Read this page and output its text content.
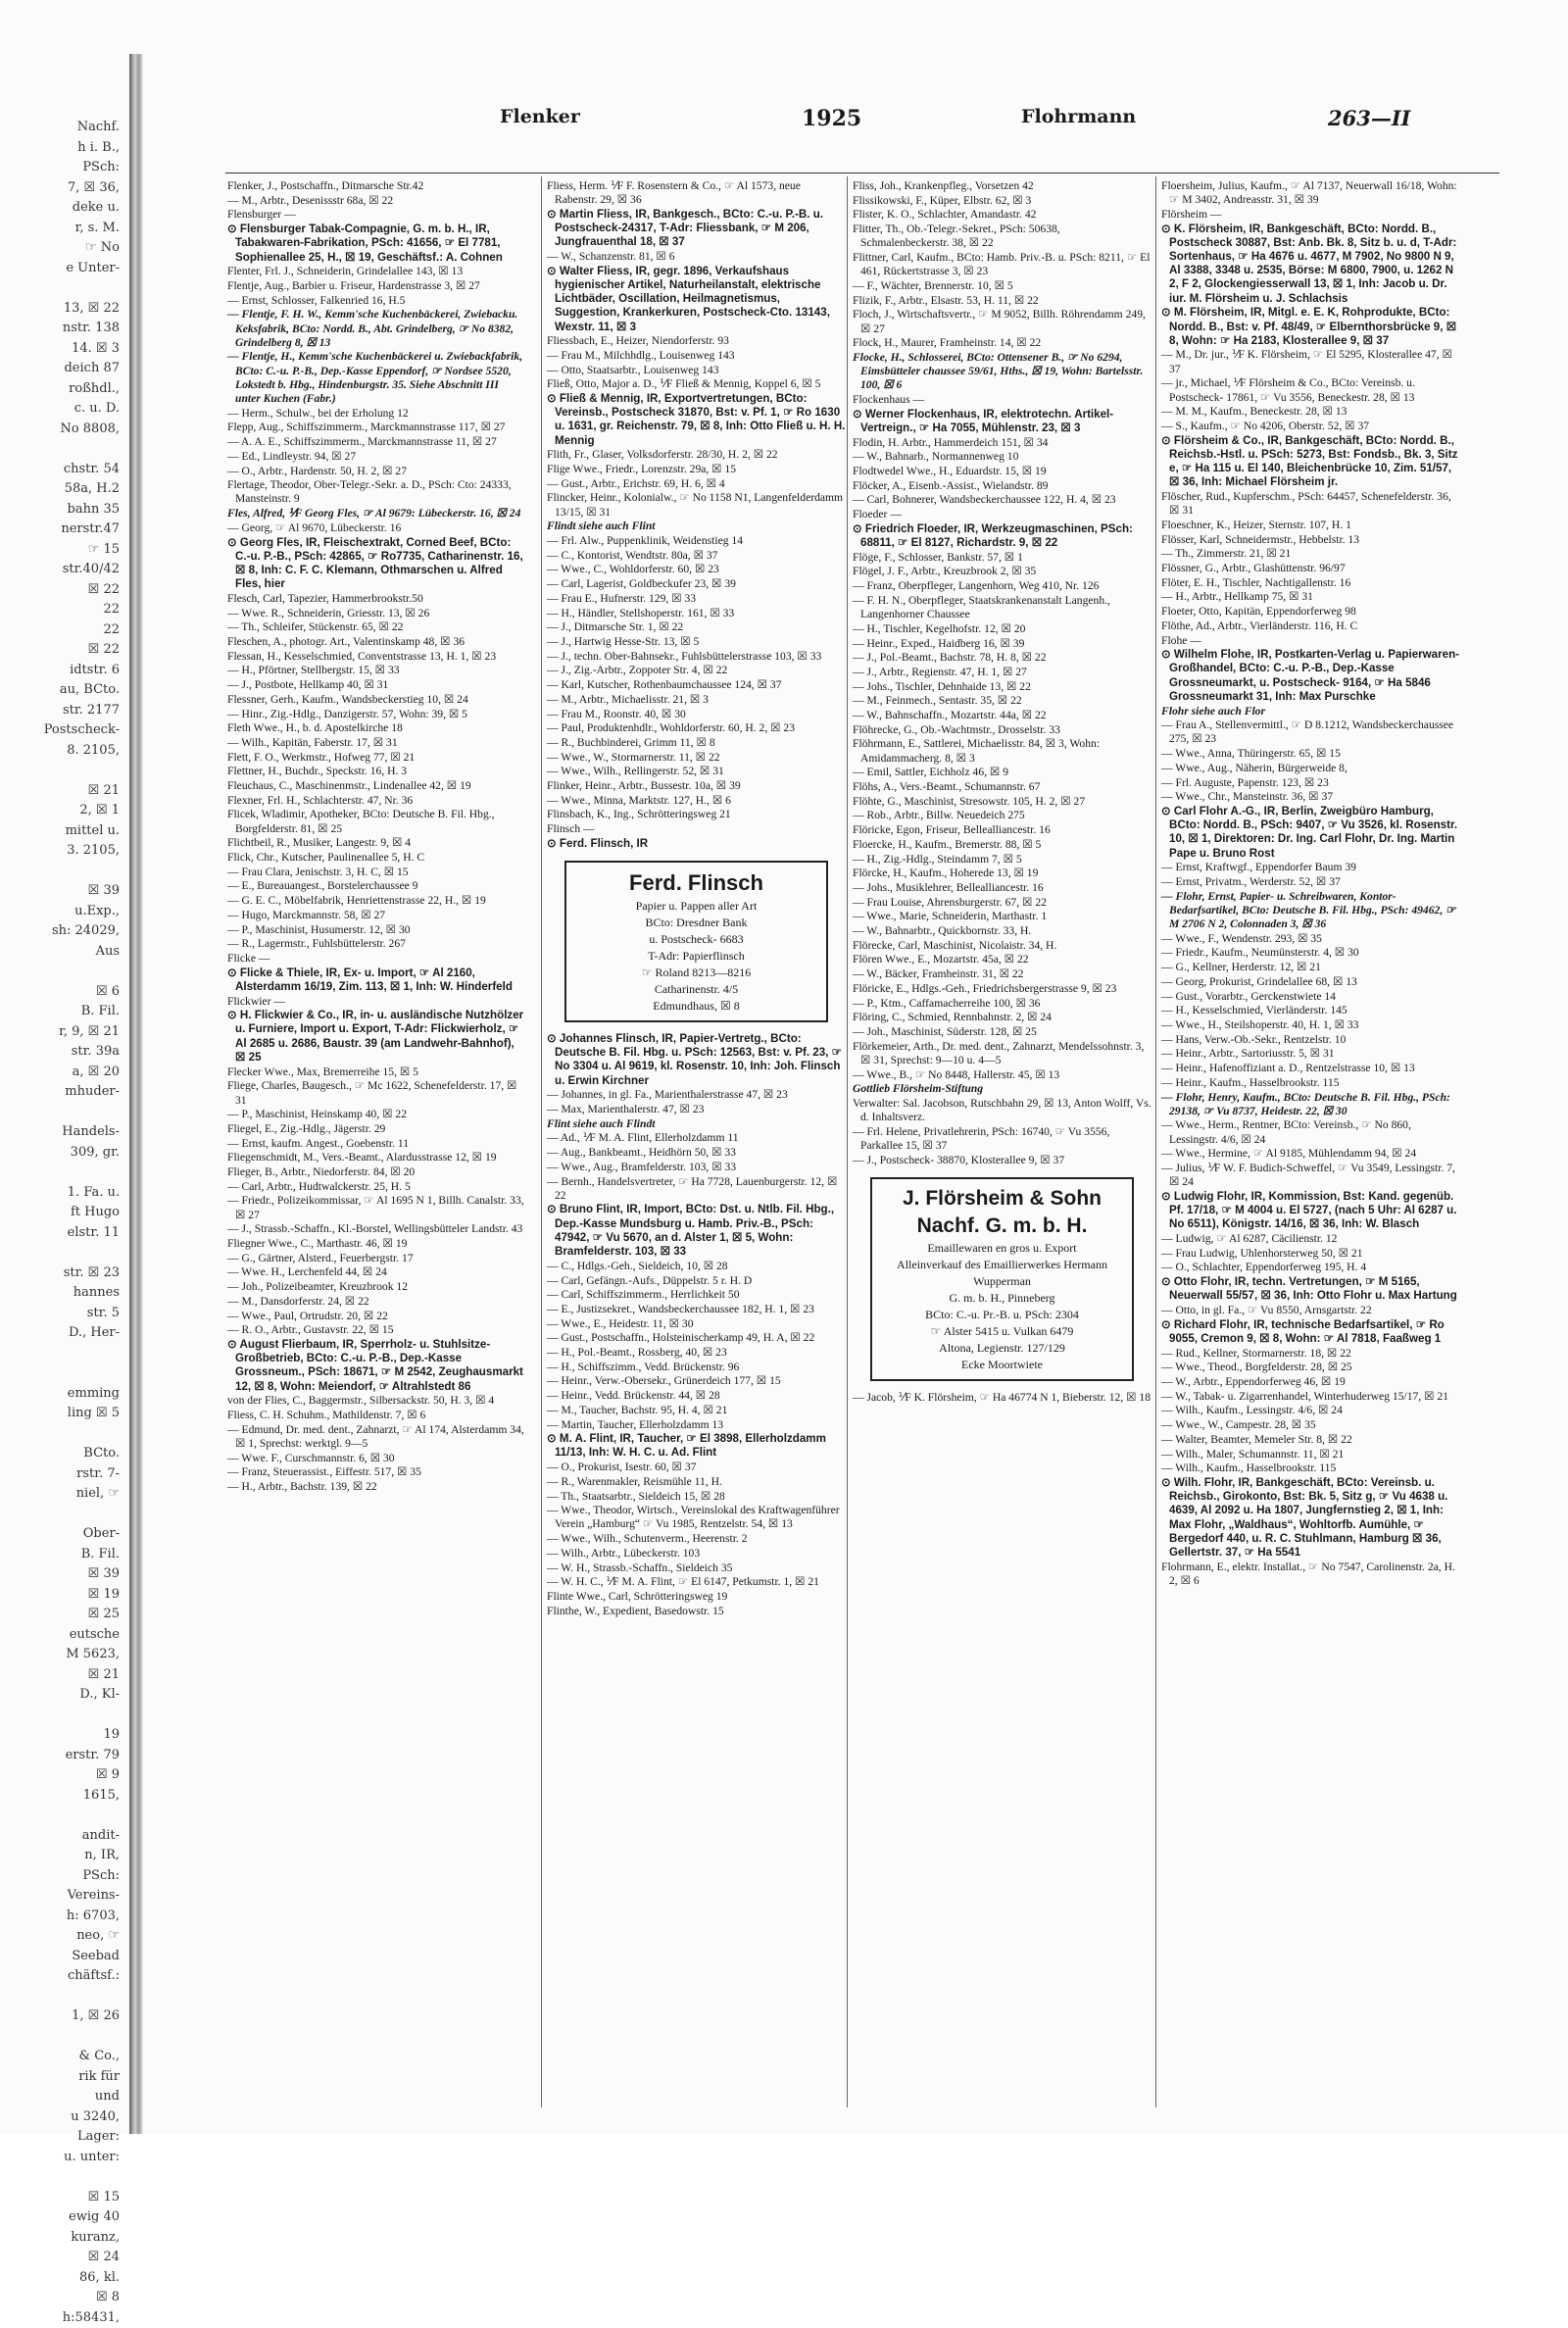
Nachf.
h i. B.,
PSch:
7, ☒ 36,
deke u.
r, s. M.
☞ No
e Unter-

13, ☒ 22
nstr. 138
14. ☒ 3
deich 87
roßhdl.,
c. u. D.
No 8808,

chstr. 54
58a, H.2
bahn 35
nerstr.47
☞ 15
str.40/42
☒ 22
22
22
☒ 22
idtstr. 6
au, BCto.
str. 2177
Postscheck-
8. 2105,

☒ 21
2, ☒ 1
mittel u.
3. 2105,

☒ 39
u.Exp.,
sh: 24029,
Aus

☒ 6
B. Fil.
r, 9, ☒ 21
str. 39a
a, ☒ 20
mhuder-

Handels-
309, gr.

1. Fa. u.
ft Hugo
elstr. 11

str. ☒ 23
hannes
str. 5
D., Her-

emming
ling ☒ 5

BCto.
rstr. 7-
niel, ☞

Ober-
B. Fil.
☒ 39
☒ 19
☒ 25
eutsche
M 5623,
☒ 21
D., Kl-

19
erstr. 79
☒ 9
1615,

andit-
n, IR,
PSch:
Vereins-
h: 6703,
neo, ☞
Seebad
chäftsf.:

1, ☒ 26

& Co.,
rik für
und
u 3240,
Lager:
u. unter:

☒ 15
ewig 40
kuranz,
☒ 24
86, kl.
☒ 8
h:58431,
Flenker	1925	Flohrmann	263—II
Flenker, J., Postschaffn., Ditmarsche Str.42
— M., Arbtr., Desenissstr 68a, ☒ 22
Flensburger —
⊙ Flensburger Tabak-Compagnie, G. m. b. H., IR, Tabakwaren-Fabrikation, PSch: 41656, ☞ El 7781, Sophienallee 25, H., ☒ 19, Geschäftsf.: A. Cohnen
Flenter, Frl. J., Schneiderin, Grindelallee 143, ☒ 13
Flentje, Aug., Barbier u. Friseur, Hardenstrasse 3, ☒ 27
— Ernst, Schlosser, Falkenried 16, H.5
— Flentje, F. H. W., Kemm'sche Kuchenbäckerei, Zwiebacku. Keksfabrik, BCto: Nordd. B., Abt. Grindelberg, ☞ No 8382, Grindelberg 8, ☒ 13
— Flentje, H., Kemm'sche Kuchenbäckerei u. Zwiebackfabrik, BCto: C.-u. P.-B., Dep.-Kasse Eppendorf, ☞ Nordsee 5520, Lokstedt b. Hbg., Hindenburgstr. 35. Siehe Abschnitt III unter Kuchen (Fabr.)
— Herm., Schulw., bei der Erholung 12
Flepp, Aug., Schiffszimmerm., Marckmannstrasse 117, ☒ 27
— A. A. E., Schiffszimmerm., Marckmannstrasse 11, ☒ 27
— Ed., Lindleystr. 94, ☒ 27
— O., Arbtr., Hardenstr. 50, H. 2, ☒ 27
Flertage, Theodor, Ober-Telegr.-Sekr. a. D., PSch: Cto: 24333, Mansteinstr. 9
Fles, Alfred, ⅟F Georg Fles, ☞ Al 9679: Lübeckerstr. 16, ☒ 24
— Georg, ☞ Al 9670, Lübeckerstr. 16
⊙ Georg Fles, IR, Fleischextrakt, Corned Beef, BCto: C.-u. P.-B., PSch: 42865, ☞ Ro7735, Catharinenstr. 16, ☒ 8, Inh: C. F. C. Klemann, Othmarschen u. Alfred Fles, hier
Flesch, Carl, Tapezier, Hammerbrookstr.50
— Wwe. R., Schneiderin, Griesstr. 13, ☒ 26
— Th., Schleifer, Stückenstr. 65, ☒ 22
Fleschen, A., photogr. Art., Valentinskamp 48, ☒ 36
Flessan, H., Kesselschmied, Conventstrasse 13, H. 1, ☒ 23
— H., Pförtner, Stellbergstr. 15, ☒ 33
— J., Postbote, Hellkamp 40, ☒ 31
Flessner, Gerh., Kaufm., Wandsbeckerstieg 10, ☒ 24
— Hinr., Zig.-Hdlg., Danzigerstr. 57, Wohn: 39, ☒ 5
Fleth Wwe., H., b. d. Apostelkirche 18
— Wilh., Kapitän, Faberstr. 17, ☒ 31
Flett, F. O., Werkmstr., Hofweg 77, ☒ 21
Flettner, H., Buchdr., Speckstr. 16, H. 3
Fleuchaus, C., Maschinenmstr., Lindenallee 42, ☒ 19
Flexner, Frl. H., Schlachterstr. 47, Nr. 36
Flicek, Wladimir, Apotheker, BCto: Deutsche B. Fil. Hbg., Borgfelderstr. 81, ☒ 25
Flichtbeil, R., Musiker, Langestr. 9, ☒ 4
Flick, Chr., Kutscher, Paulinenallee 5, H. C
— Frau Clara, Jenischstr. 3, H. C, ☒ 15
— E., Bureauangest., Borstelerchaussee 9
— G. E. C., Möbelfabrik, Henriettenstrasse 22, H., ☒ 19
— Hugo, Marckmannstr. 58, ☒ 27
— P., Maschinist, Husumerstr. 12, ☒ 30
— R., Lagermstr., Fuhlsbüttelerstr. 267
Flicke —
⊙ Flicke & Thiele, IR, Ex- u. Import, ☞ Al 2160, Alsterdamm 16/19, Zim. 113, ☒ 1, Inh: W. Hinderfeld
Flickwier —
⊙ H. Flickwier & Co., IR, in- u. ausländische Nutzhölzer u. Furniere, Import u. Export, T-Adr: Flickwierholz, ☞ Al 2685 u. 2686, Baustr. 39 (am Landwehr-Bahnhof), ☒ 25
Flecker Wwe., Max, Bremerreihe 15, ☒ 5
Fliege, Charles, Baugesch., ☞ Mc 1622, Schenefelderstr. 17, ☒ 31
— P., Maschinist, Heinskamp 40, ☒ 22
Fliegel, E., Zig.-Hdlg., Jägerstr. 29
— Ernst, kaufm. Angest., Goebenstr. 11
Fliegenschmidt, M., Vers.-Beamt., Alardusstrasse 12, ☒ 19
Flieger, B., Arbtr., Niedorferstr. 84, ☒ 20
— Carl, Arbtr., Hudtwalckerstr. 25, H. 5
— Friedr., Polizeikommissar, ☞ Al 1695 N 1, Billh. Canalstr. 33, ☒ 27
— J., Strassb.-Schaffn., Kl.-Borstel, Wellingsbütteler Landstr. 43
Fliegner Wwe., C., Marthastr. 46, ☒ 19
— G., Gärtner, Alsterd., Feuerbergstr. 17
— Wwe. H., Lerchenfeld 44, ☒ 24
— Joh., Polizeibeamter, Kreuzbrook 12
— M., Dansdorferstr. 24, ☒ 22
— Wwe., Paul, Ortrudstr. 20, ☒ 22
— R. O., Arbtr., Gustavstr. 22, ☒ 15
⊙ August Flierbaum, IR, Sperrholz- u. Stuhlsitze-Großbetrieb, BCto: C.-u. P.-B., Dep.-Kasse Grossneum., PSch: 18671, ☞ M 2542, Zeughausmarkt 12, ☒ 8, Wohn: Meiendorf, ☞ Altrahlstedt 86
von der Flies, C., Baggermstr., Silbersackstr. 50, H. 3, ☒ 4
Fliess, C. H. Schuhm., Mathildenstr. 7, ☒ 6
— Edmund, Dr. med. dent., Zahnarzt, ☞ Al 174, Alsterdamm 34, ☒ 1, Sprechst: werktgl. 9—5
— Wwe. F., Curschmannstr. 6, ☒ 30
— Franz, Steuerassist., Eiffestr. 517, ☒ 35
— H., Arbtr., Bachstr. 139, ☒ 22
Fliess, Herm. ⅟F F. Rosenstern & Co., ☞ Al 1573, neue Rabenstr. 29, ☒ 36
⊙ Martin Fliess, IR, Bankgesch., BCto: C.-u. P.-B. u. Postscheck-24317, T-Adr: Fliessbank, ☞ M 206, Jungfrauenthal 18, ☒ 37
— W., Schanzenstr. 81, ☒ 6
⊙ Walter Fliess, IR, gegr. 1896, Verkaufshaus hygienischer Artikel, Naturheilanstalt, elektrische Lichtbäder, Oscillation, Heilmagnetismus, Suggestion, Krankerkuren, Postscheck-Cto. 13143, Wexstr. 11, ☒ 3
Fliessbach, E., Heizer, Niendorferstr. 93
— Frau M., Milchhdlg., Louisenweg 143
— Otto, Staatsarbtr., Louisenweg 143
Fließ, Otto, Major a. D., ⅟F Fließ & Mennig, Koppel 6, ☒ 5
⊙ Fließ & Mennig, IR, Exportvertretungen, BCto: Vereinsb., Postscheck 31870, Bst: v. Pf. 1, ☞ Ro 1630 u. 1631, gr. Reichenstr. 79, ☒ 8, Inh: Otto Fließ u. H. H. Mennig
Flith, Fr., Glaser, Volksdorferstr. 28/30, H. 2, ☒ 22
Flige Wwe., Friedr., Lorenzstr. 29a, ☒ 15
— Gust., Arbtr., Erichstr. 69, H. 6, ☒ 4
Flincker, Heinr., Kolonialw., ☞ No 1158 N1, Langenfelderdamm 13/15, ☒ 31
Flindt siehe auch Flint
— Frl. Alw., Puppenklinik, Weidenstieg 14
— C., Kontorist, Wendtstr. 80a, ☒ 37
— Wwe., C., Wohldorferstr. 60, ☒ 23
— Carl, Lagerist, Goldbeckufer 23, ☒ 39
— Frau E., Hufnerstr. 129, ☒ 33
— H., Händler, Stellshoperstr. 161, ☒ 33
— J., Ditmarsche Str. 1, ☒ 22
— J., Hartwig Hesse-Str. 13, ☒ 5
— J., techn. Ober-Bahnsekr., Fuhlsbüttelerstrasse 103, ☒ 33
— J., Zig.-Arbtr., Zoppoter Str. 4, ☒ 22
— Karl, Kutscher, Rothenbaumchaussee 124, ☒ 37
— M., Arbtr., Michaelisstr. 21, ☒ 3
— Frau M., Roonstr. 40, ☒ 30
— Paul, Produktenhdlr., Wohldorferstr. 60, H. 2, ☒ 23
— R., Buchbinderei, Grimm 11, ☒ 8
— Wwe., W., Stormarnerstr. 11, ☒ 22
— Wwe., Wilh., Rellingerstr. 52, ☒ 31
Flinker, Heinr., Arbtr., Bussestr. 10a, ☒ 39
— Wwe., Minna, Marktstr. 127, H., ☒ 6
Flinsbach, K., Ing., Schrötteringsweg 21
Flinsch —
⊙ Ferd. Flinsch, IR
Ferd. Flinsch
Papier u. Pappen aller Art
BCto: Dresdner Bank
u. Postscheck- 6683
T-Adr: Papierflinsch
☞ Roland 8213—8216
Catharinenstr. 4/5
Edmundhaus, ☒ 8
⊙ Johannes Flinsch, IR, Papier-Vertretg., BCto: Deutsche B. Fil. Hbg. u. PSch: 12563, Bst: v. Pf. 23, ☞ No 3304 u. Al 9619, kl. Rosenstr. 10, Inh: Joh. Flinsch u. Erwin Kirchner
— Johannes, in gl. Fa., Marienthalerstrasse 47, ☒ 23
— Max, Marienthalerstr. 47, ☒ 23
Flint siehe auch Flindt
— Ad., ⅟F M. A. Flint, Ellerholzdamm 11
— Aug., Bankbeamt., Heidhörn 50, ☒ 33
— Wwe., Aug., Bramfelderstr. 103, ☒ 33
— Bernh., Handelsvertreter, ☞ Ha 7728, Lauenburgerstr. 12, ☒ 22
⊙ Bruno Flint, IR, Import, BCto: Dst. u. Ntlb. Fil. Hbg., Dep.-Kasse Mundsburg u. Hamb. Priv.-B., PSch: 47942, ☞ Vu 5670, an d. Alster 1, ☒ 5, Wohn: Bramfelderstr. 103, ☒ 33
— C., Hdlgs.-Geh., Sieldeich, 10, ☒ 28
— Carl, Gefängn.-Aufs., Düppelstr. 5 r. H. D
— Carl, Schiffszimmerm., Herrlichkeit 50
— E., Justizsekret., Wandsbeckerchaussee 182, H. 1, ☒ 23
— Wwe., E., Heidestr. 11, ☒ 30
— Gust., Postschaffn., Holsteinischerkamp 49, H. A, ☒ 22
— H., Pol.-Beamt., Rossberg, 40, ☒ 23
— H., Schiffszimm., Vedd. Brückenstr. 96
— Heinr., Verw.-Obersekr., Grünerdeich 177, ☒ 15
— Heinr., Vedd. Brückenstr. 44, ☒ 28
— M., Taucher, Bachstr. 95, H. 4, ☒ 21
— Martin, Taucher, Ellerholzdamm 13
⊙ M. A. Flint, IR, Taucher, ☞ El 3898, Ellerholzdamm 11/13, Inh: W. H. C. u. Ad. Flint
— O., Prokurist, Isestr. 60, ☒ 37
— R., Warenmakler, Reismühle 11, H.
— Th., Staatsarbtr., Sieldeich 15, ☒ 28
— Wwe., Theodor, Wirtsch., Vereinslokal des Kraftwagenführer Verein „Hamburg“ ☞ Vu 1985, Rentzelstr. 54, ☒ 13
— Wwe., Wilh., Schutenverm., Heerenstr. 2
— Wilh., Arbtr., Lübeckerstr. 103
— W. H., Strassb.-Schaffn., Sieldeich 35
— W. H. C., ⅟F M. A. Flint, ☞ El 6147, Petkumstr. 1, ☒ 21
Flinte Wwe., Carl, Schrötteringsweg 19
Flinthe, W., Expedient, Basedowstr. 15
Fliss, Joh., Krankenpfleg., Vorsetzen 42
Flissikowski, F., Küper, Elbstr. 62, ☒ 3
Flister, K. O., Schlachter, Amandastr. 42
Flitter, Th., Ob.-Telegr.-Sekret., PSch: 50638, Schmalenbeckerstr. 38, ☒ 22
Flittner, Carl, Kaufm., BCto: Hamb. Priv.-B. u. PSch: 8211, ☞ El 461, Rückertstrasse 3, ☒ 23
— F., Wächter, Brennerstr. 10, ☒ 5
Flizik, F., Arbtr., Elsastr. 53, H. 11, ☒ 22
Floch, J., Wirtschaftsvertr., ☞ M 9052, Billh. Röhrendamm 249, ☒ 27
Flock, H., Maurer, Framheinstr. 14, ☒ 22
Flocke, H., Schlosserei, BCto: Ottensener B., ☞ No 6294, Eimsbütteler chaussee 59/61, Hths., ☒ 19, Wohn: Bartelsstr. 100, ☒ 6
Flockenhaus —
⊙ Werner Flockenhaus, IR, elektrotechn. Artikel-Vertreign., ☞ Ha 7055, Mühlenstr. 23, ☒ 3
Flodin, H. Arbtr., Hammerdeich 151, ☒ 34
— W., Bahnarb., Normannenweg 10
Flodtwedel Wwe., H., Eduardstr. 15, ☒ 19
Flöcker, A., Eisenb.-Assist., Wielandstr. 89
— Carl, Bohnerer, Wandsbeckerchaussee 122, H. 4, ☒ 23
Floeder —
⊙ Friedrich Floeder, IR, Werkzeugmaschinen, PSch: 68811, ☞ El 8127, Richardstr. 9, ☒ 22
Flöge, F., Schlosser, Bankstr. 57, ☒ 1
Flögel, J. F., Arbtr., Kreuzbrook 2, ☒ 35
— Franz, Oberpfleger, Langenhorn, Weg 410, Nr. 126
— F. H. N., Oberpfleger, Staatskrankenanstalt Langenh., Langenhorner Chaussee
— H., Tischler, Kegelhofstr. 12, ☒ 20
— Heinr., Exped., Haidberg 16, ☒ 39
— J., Pol.-Beamt., Bachstr. 78, H. 8, ☒ 22
— J., Arbtr., Regienstr. 47, H. 1, ☒ 27
— Johs., Tischler, Dehnhaide 13, ☒ 22
— M., Feinmech., Sentastr. 35, ☒ 22
— W., Bahnschaffn., Mozartstr. 44a, ☒ 22
Flöhrecke, G., Ob.-Wachtmstr., Drosselstr. 33
Flöhrmann, E., Sattlerei, Michaelisstr. 84, ☒ 3, Wohn: Amidammacherg. 8, ☒ 3
— Emil, Sattler, Eichholz 46, ☒ 9
Flöhs, A., Vers.-Beamt., Schumannstr. 67
Flöhte, G., Maschinist, Stresowstr. 105, H. 2, ☒ 27
— Rob., Arbtr., Billw. Neuedeich 275
Flöricke, Egon, Friseur, Bellealliancestr. 16
Floercke, H., Kaufm., Bremerstr. 88, ☒ 5
— H., Zig.-Hdlg., Steindamm 7, ☒ 5
Flörcke, H., Kaufm., Hoherede 13, ☒ 19
— Johs., Musiklehrer, Bellealliancestr. 16
— Frau Louise, Ahrensburgerstr. 67, ☒ 22
— Wwe., Marie, Schneiderin, Marthastr. 1
— W., Bahnarbtr., Quickbornstr. 33, H.
Flörecke, Carl, Maschinist, Nicolaistr. 34, H.
Flören Wwe., E., Mozartstr. 45a, ☒ 22
— W., Bäcker, Framheinstr. 31, ☒ 22
Flöricke, E., Hdlgs.-Geh., Friedrichsbergerstrasse 9, ☒ 23
— P., Ktm., Caffamacherreihe 100, ☒ 36
Flöring, C., Schmied, Rennbahnstr. 2, ☒ 24
— Joh., Maschinist, Süderstr. 128, ☒ 25
Flörkemeier, Arth., Dr. med. dent., Zahnarzt, Mendelssohnstr. 3, ☒ 31, Sprechst: 9—10 u. 4—5
— Wwe., B., ☞ No 8448, Hallerstr. 45, ☒ 13
Gottlieb Flörsheim-Stiftung
Verwalter: Sal. Jacobson, Rutschbahn 29, ☒ 13, Anton Wolff, Vs. d. Inhaltsverz.
— Frl. Helene, Privatlehrerin, PSch: 16740, ☞ Vu 3556, Parkallee 15, ☒ 37
— J., Postscheck- 38870, Klosterallee 9, ☒ 37
J. Flörsheim & Sohn
Nachf. G. m. b. H.
Emaillewaren en gros u. Export
Alleinverkauf des Emaillierwerkes Hermann Wupperman
G. m. b. H., Pinneberg
BCto: C.-u. Pr.-B. u. PSch: 2304
☞ Alster 5415 u. Vulkan 6479
Altona, Legienstr. 127/129
Ecke Moortwiete
— Jacob, ⅟F K. Flörsheim, ☞ Ha 46774 N 1, Bieberstr. 12, ☒ 18
Floersheim, Julius, Kaufm., ☞ Al 7137, Neuerwall 16/18, Wohn: ☞ M 3402, Andreasstr. 31, ☒ 39
Flörsheim —
⊙ K. Flörsheim, IR, Bankgeschäft, BCto: Nordd. B., Postscheck 30887, Bst: Anb. Bk. 8, Sitz b. u. d, T-Adr: Sortenhaus, ☞ Ha 4676 u. 4677, M 7902, No 9800 N 9, Al 3388, 3348 u. 2535, Börse: M 6800, 7900, u. 1262 N 2, F 2, Glockengiesserwall 13, ☒ 1, Inh: Jacob u. Dr. iur. M. Flörsheim u. J. Schlachsis
⊙ M. Flörsheim, IR, Mitgl. e. E. K, Rohprodukte, BCto: Nordd. B., Bst: v. Pf. 48/49, ☞ Elbernthorsbrücke 9, ☒ 8, Wohn: ☞ Ha 2183, Klosterallee 9, ☒ 37
— M., Dr. jur., ⅟F K. Flörsheim, ☞ El 5295, Klosterallee 47, ☒ 37
— jr., Michael, ⅟F Flörsheim & Co., BCto: Vereinsb. u. Postscheck- 17861, ☞ Vu 3556, Beneckestr. 28, ☒ 13
— M. M., Kaufm., Beneckestr. 28, ☒ 13
— S., Kaufm., ☞ No 4206, Oberstr. 52, ☒ 37
⊙ Flörsheim & Co., IR, Bankgeschäft, BCto: Nordd. B., Reichsb.-Hstl. u. PSch: 5273, Bst: Fondsb., Bk. 3, Sitz e, ☞ Ha 115 u. El 140, Bleichenbrücke 10, Zim. 51/57, ☒ 36, Inh: Michael Flörsheim jr.
Flöscher, Rud., Kupferschm., PSch: 64457, Schenefelderstr. 36, ☒ 31
Floeschner, K., Heizer, Sternstr. 107, H. 1
Flösser, Karl, Schneidermstr., Hebbelstr. 13
— Th., Zimmerstr. 21, ☒ 21
Flössner, G., Arbtr., Glashüttenstr. 96/97
Flöter, E. H., Tischler, Nachtigallenstr. 16
— H., Arbtr., Hellkamp 75, ☒ 31
Floeter, Otto, Kapitän, Eppendorferweg 98
Flöthe, Ad., Arbtr., Vierländerstr. 116, H. C
Flohe —
⊙ Wilhelm Flohe, IR, Postkarten-Verlag u. Papierwaren-Großhandel, BCto: C.-u. P.-B., Dep.-Kasse Grossneumarkt, u. Postscheck- 9164, ☞ Ha 5846 Grossneumarkt 31, Inh: Max Purschke
Flohr siehe auch Flor
— Frau A., Stellenvermittl., ☞ D 8.1212, Wandsbeckerchaussee 275, ☒ 23
— Wwe., Anna, Thüringerstr. 65, ☒ 15
— Wwe., Aug., Näherin, Bürgerweide 8,
— Frl. Auguste, Papenstr. 123, ☒ 23
— Wwe., Chr., Mansteinstr. 36, ☒ 37
⊙ Carl Flohr A.-G., IR, Berlin, Zweigbüro Hamburg, BCto: Nordd. B., PSch: 9407, ☞ Vu 3526, kl. Rosenstr. 10, ☒ 1, Direktoren: Dr. Ing. Carl Flohr, Dr. Ing. Martin Pape u. Bruno Rost
— Ernst, Kraftwgf., Eppendorfer Baum 39
— Ernst, Privatm., Werderstr. 52, ☒ 37
— Flohr, Ernst, Papier- u. Schreibwaren, Kontor-Bedarfsartikel, BCto: Deutsche B. Fil. Hbg., PSch: 49462, ☞ M 2706 N 2, Colonnaden 3, ☒ 36
— Wwe., F., Wendenstr. 293, ☒ 35
— Friedr., Kaufm., Neumünsterstr. 4, ☒ 30
— G., Kellner, Herderstr. 12, ☒ 21
— Georg, Prokurist, Grindelallee 68, ☒ 13
— Gust., Vorarbtr., Gerckenstwiete 14
— H., Kesselschmied, Vierländerstr. 145
— Wwe., H., Steilshoperstr. 40, H. 1, ☒ 33
— Hans, Verw.-Ob.-Sekr., Rentzelstr. 10
— Heinr., Arbtr., Sartoriusstr. 5, ☒ 31
— Heinr., Hafenoffiziant a. D., Rentzelstrasse 10, ☒ 13
— Heinr., Kaufm., Hasselbrookstr. 115
— Flohr, Henry, Kaufm., BCto: Deutsche B. Fil. Hbg., PSch: 29138, ☞ Vu 8737, Heidestr. 22, ☒ 30
— Wwe., Herm., Rentner, BCto: Vereinsb., ☞ No 860, Lessingstr. 4/6, ☒ 24
— Wwe., Hermine, ☞ Al 9185, Mühlendamm 94, ☒ 24
— Julius, ⅟F W. F. Budich-Schweffel, ☞ Vu 3549, Lessingstr. 7, ☒ 24
⊙ Ludwig Flohr, IR, Kommission, Bst: Kand. gegenüb. Pf. 17/18, ☞ M 4004 u. El 5727, (nach 5 Uhr: Al 6287 u. No 6511), Königstr. 14/16, ☒ 36, Inh: W. Blasch
— Ludwig, ☞ Al 6287, Cäcilienstr. 12
— Frau Ludwig, Uhlenhorsterweg 50, ☒ 21
— O., Schlachter, Eppendorferweg 195, H. 4
⊙ Otto Flohr, IR, techn. Vertretungen, ☞ M 5165, Neuerwall 55/57, ☒ 36, Inh: Otto Flohr u. Max Hartung
— Otto, in gl. Fa., ☞ Vu 8550, Arnsgartstr. 22
⊙ Richard Flohr, IR, technische Bedarfsartikel, ☞ Ro 9055, Cremon 9, ☒ 8, Wohn: ☞ Al 7818, Faaßweg 1
— Rud., Kellner, Stormarnerstr. 18, ☒ 22
— Wwe., Theod., Borgfelderstr. 28, ☒ 25
— W., Arbtr., Eppendorferweg 46, ☒ 19
— W., Tabak- u. Zigarrenhandel, Winterhuderweg 15/17, ☒ 21
— Wilh., Kaufm., Lessingstr. 4/6, ☒ 24
— Wwe., W., Campestr. 28, ☒ 35
— Walter, Beamter, Memeler Str. 8, ☒ 22
— Wilh., Maler, Schumannstr. 11, ☒ 21
— Wilh., Kaufm., Hasselbrookstr. 115
⊙ Wilh. Flohr, IR, Bankgeschäft, BCto: Vereinsb. u. Reichsb., Girokonto, Bst: Bk. 5, Sitz g, ☞ Vu 4638 u. 4639, Al 2092 u. Ha 1807, Jungfernstieg 2, ☒ 1, Inh: Max Flohr, „Waldhaus“, Wohltorfb. Aumühle, ☞ Bergedorf 440, u. R. C. Stuhlmann, Hamburg ☒ 36, Gellertstr. 37, ☞ Ha 5541
Flohrmann, E., elektr. Installat., ☞ No 7547, Carolinenstr. 2a, H. 2, ☒ 6
